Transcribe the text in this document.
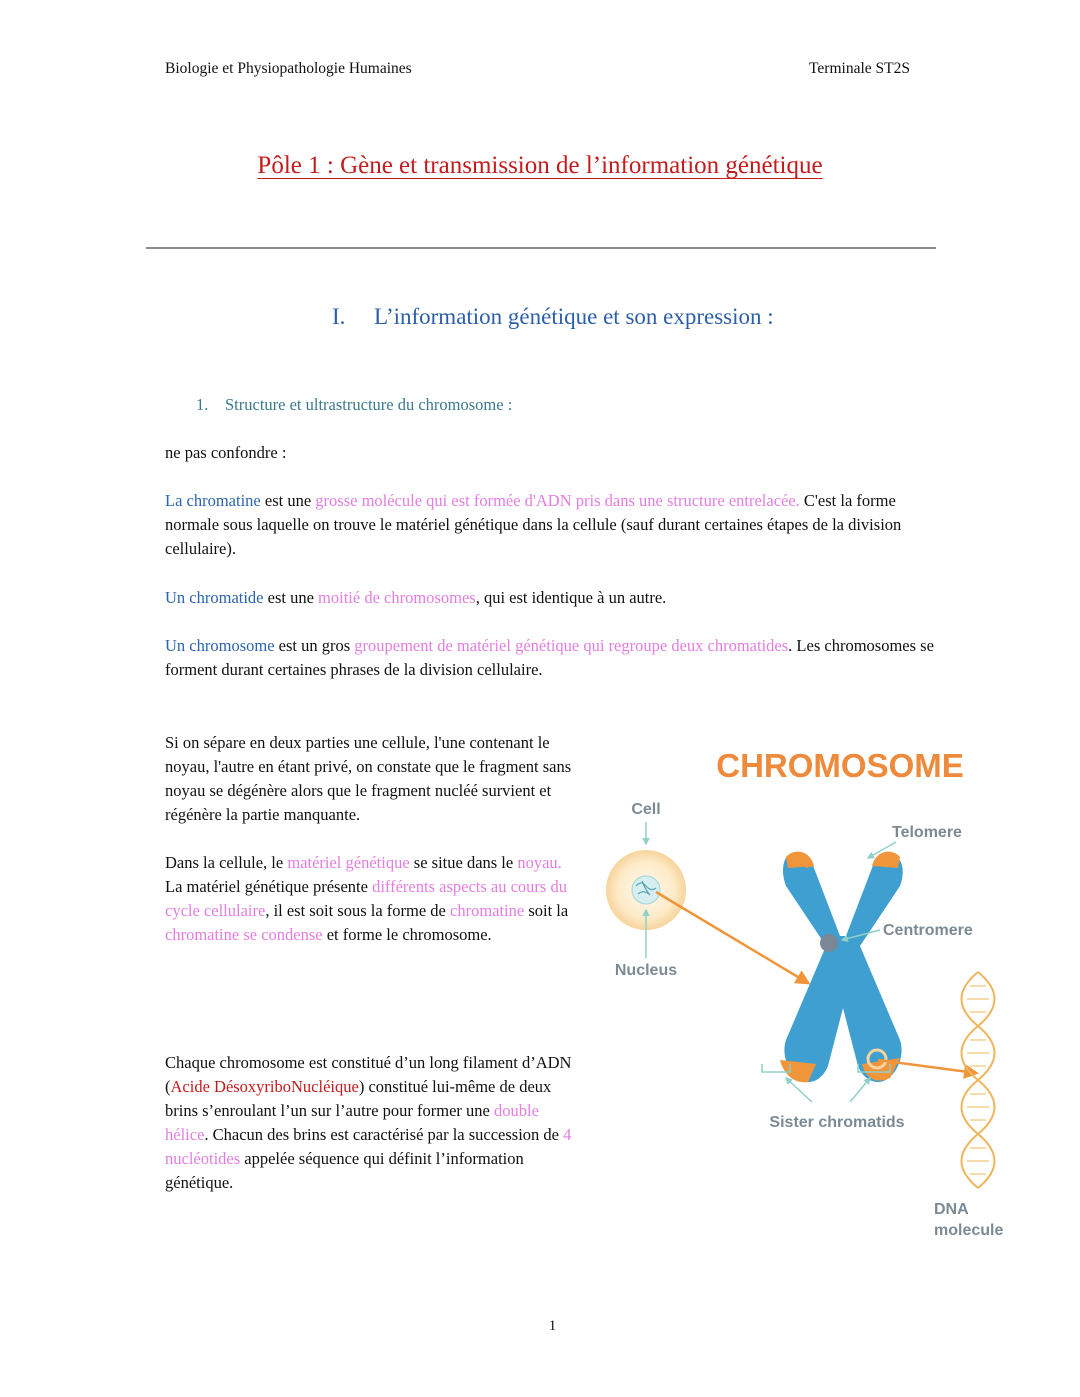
Biologie et Physiopathologie Humaines	Terminale ST2S
Pôle 1 : Gène et transmission de l’information génétique
I. L’information génétique et son expression :
1. Structure et ultrastructure du chromosome :
ne pas confondre :
La chromatine est une grosse molécule qui est formée d'ADN pris dans une structure entrelacée. C'est la forme normale sous laquelle on trouve le matériel génétique dans la cellule (sauf durant certaines étapes de la division cellulaire).
Un chromatide est une moitié de chromosomes, qui est identique à un autre.
Un chromosome est un gros groupement de matériel génétique qui regroupe deux chromatides. Les chromosomes se forment durant certaines phrases de la division cellulaire.
Si on sépare en deux parties une cellule, l'une contenant le noyau, l'autre en étant privé, on constate que le fragment sans noyau se dégénère alors que le fragment nucléé survient et régénère la partie manquante.
Dans la cellule, le matériel génétique se situe dans le noyau.
La matériel génétique présente différents aspects au cours du cycle cellulaire, il est soit sous la forme de chromatine soit la chromatine se condense et forme le chromosome.
Chaque chromosome est constitué d’un long filament d’ADN (Acide DésoxyriboNucléique) constitué lui-même de deux brins s’enroulant l’un sur l’autre pour former une double hélice. Chacun des brins est caractérisé par la succession de 4 nucléotides appelée séquence qui définit l’information génétique.
CHROMOSOME
Cell
Nucleus
Telomere
Centromere
Sister chromatids
DNA
molecule
1
